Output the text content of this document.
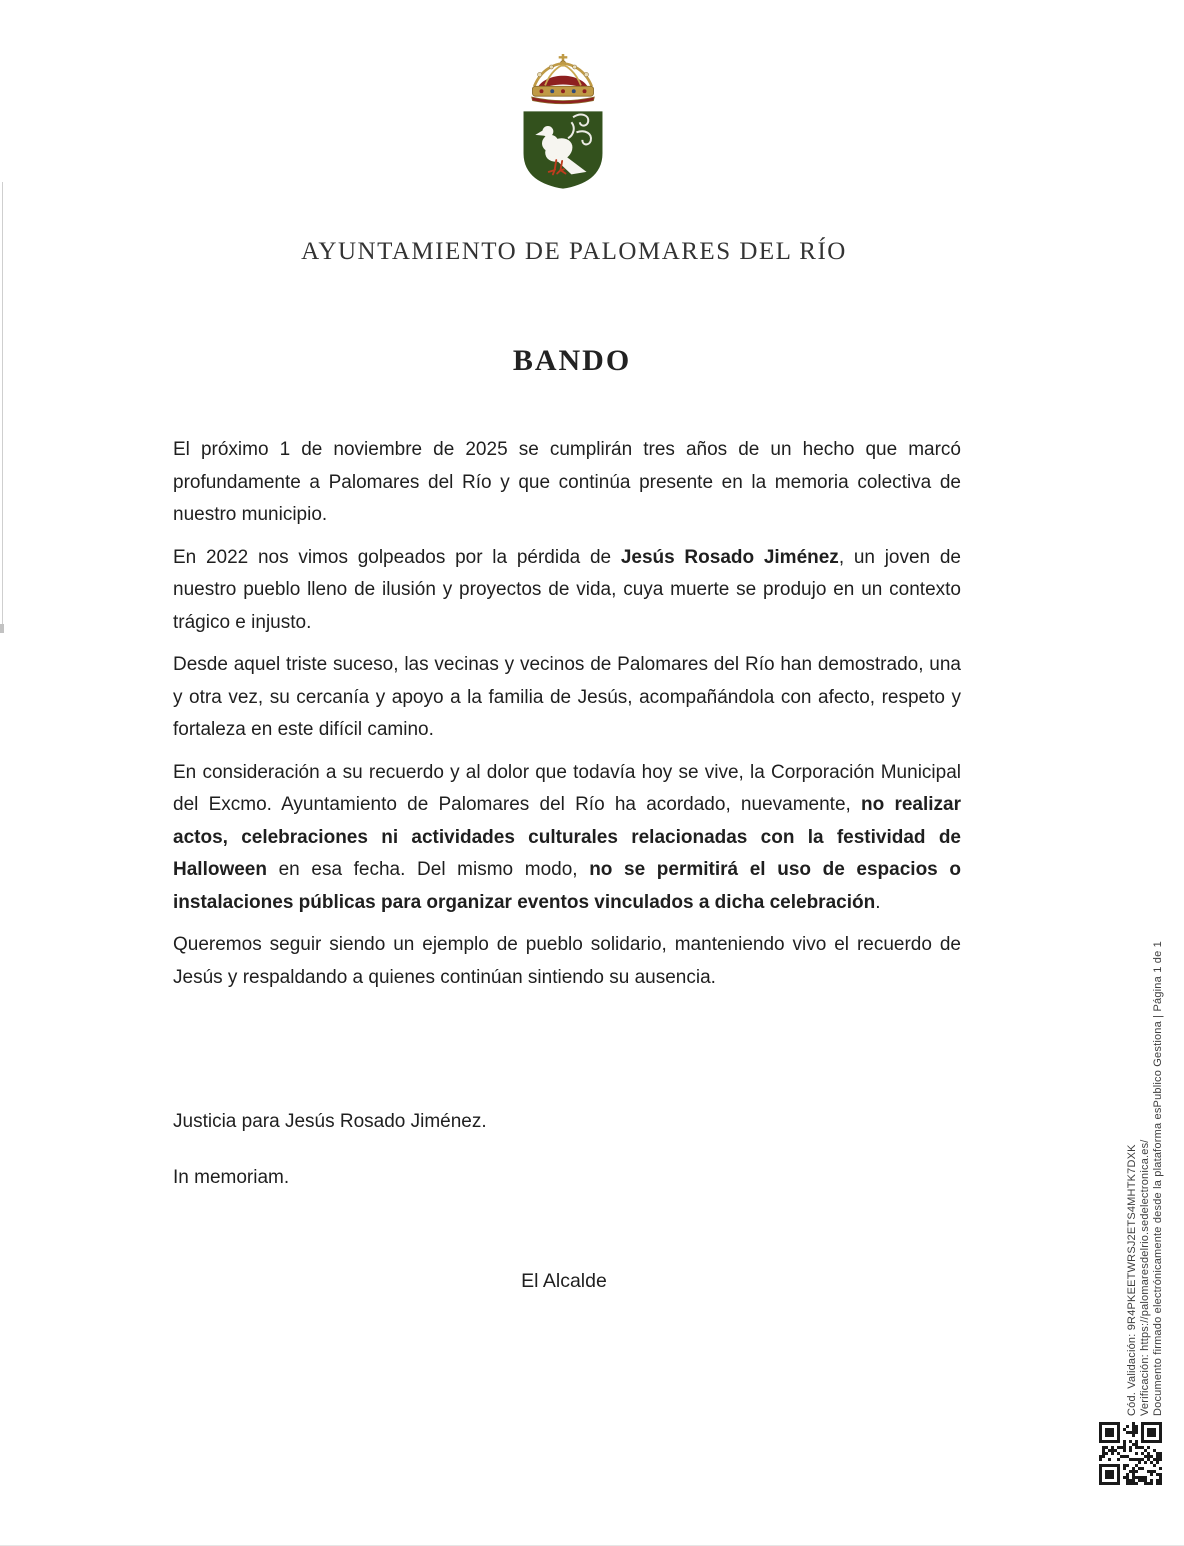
AYUNTAMIENTO DE PALOMARES DEL RÍO
BANDO

El próximo 1 de noviembre de 2025 se cumplirán tres años de un hecho que marcó profundamente a Palomares del Río y que continúa presente en la memoria colectiva de nuestro municipio.

En 2022 nos vimos golpeados por la pérdida de Jesús Rosado Jiménez, un joven de nuestro pueblo lleno de ilusión y proyectos de vida, cuya muerte se produjo en un contexto trágico e injusto.

Desde aquel triste suceso, las vecinas y vecinos de Palomares del Río han demostrado, una y otra vez, su cercanía y apoyo a la familia de Jesús, acompañándola con afecto, respeto y fortaleza en este difícil camino.

En consideración a su recuerdo y al dolor que todavía hoy se vive, la Corporación Municipal del Excmo. Ayuntamiento de Palomares del Río ha acordado, nuevamente, no realizar actos, celebraciones ni actividades culturales relacionadas con la festividad de Halloween en esa fecha. Del mismo modo, no se permitirá el uso de espacios o instalaciones públicas para organizar eventos vinculados a dicha celebración.

Queremos seguir siendo un ejemplo de pueblo solidario, manteniendo vivo el recuerdo de Jesús y respaldando a quienes continúan sintiendo su ausencia.

Justicia para Jesús Rosado Jiménez.
In memoriam.
El Alcalde	Cód. Validación: 9R4PKEETWRSJ2ETS4MHTK7DXK Verificación: https://palomaresdelrio.sedelectronica.es/ Documento firmado electrónicamente desde la plataforma esPublico Gestiona | Página 1 de 1
